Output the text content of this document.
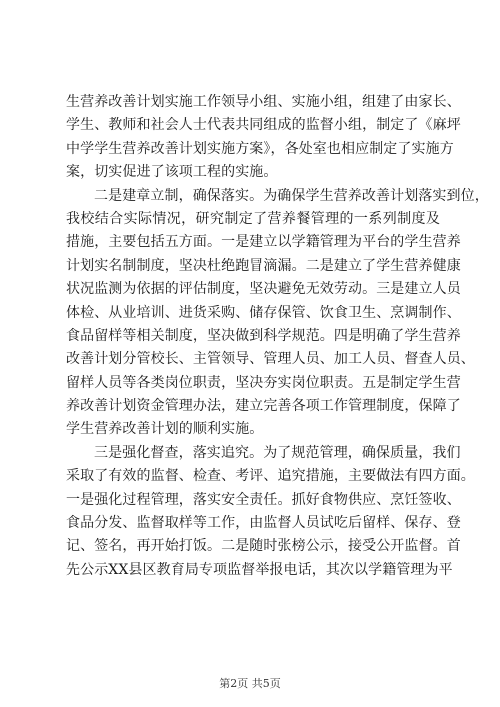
生营养改善计划实施工作领导小组、实施小组，组建了由家长、
学生、教师和社会人士代表共同组成的监督小组，制定了《麻坪
中学学生营养改善计划实施方案》，各处室也相应制定了实施方
案，切实促进了该项工程的实施。
二是建章立制，确保落实。为确保学生营养改善计划落实到位，
我校结合实际情况，研究制定了营养餐管理的一系列制度及
措施，主要包括五方面。一是建立以学籍管理为平台的学生营养
计划实名制制度，坚决杜绝跑冒滴漏。二是建立了学生营养健康
状况监测为依据的评估制度，坚决避免无效劳动。三是建立人员
体检、从业培训、进货采购、储存保管、饮食卫生、烹调制作、
食品留样等相关制度，坚决做到科学规范。四是明确了学生营养
改善计划分管校长、主管领导、管理人员、加工人员、督查人员、
留样人员等各类岗位职责，坚决夯实岗位职责。五是制定学生营
养改善计划资金管理办法，建立完善各项工作管理制度，保障了
学生营养改善计划的顺利实施。
三是强化督查，落实追究。为了规范管理，确保质量，我们
采取了有效的监督、检查、考评、追究措施，主要做法有四方面。
一是强化过程管理，落实安全责任。抓好食物供应、烹饪签收、
食品分发、监督取样等工作，由监督人员试吃后留样、保存、登
记、签名，再开始打饭。二是随时张榜公示，接受公开监督。首
先公示XX县区教育局专项监督举报电话，其次以学籍管理为平
第2页 共5页
